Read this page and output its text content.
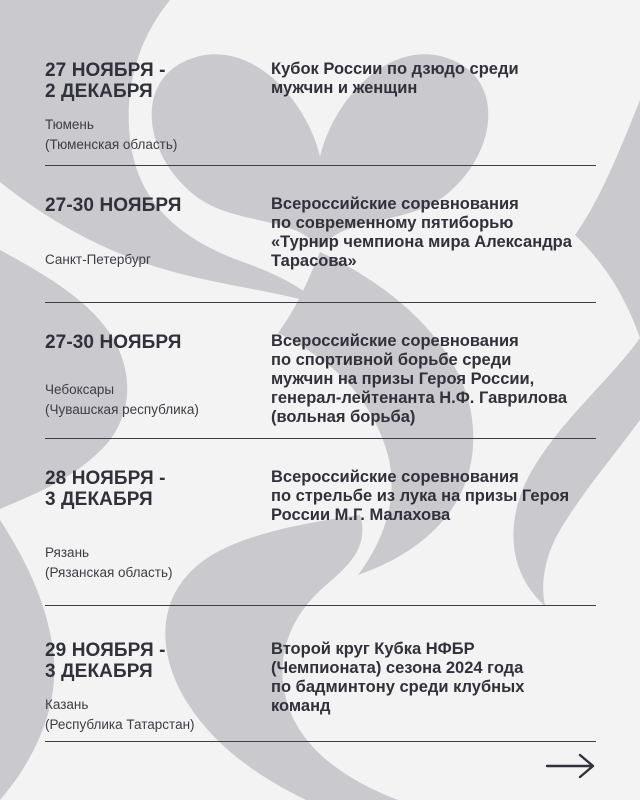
27 НОЯБРЯ -
2 ДЕКАБРЯ
Тюмень
(Тюменская область)
Кубок России по дзюдо среди
мужчин и женщин
27-30 НОЯБРЯ
Санкт-Петербург
Всероссийские соревнования
по современному пятиборью
«Турнир чемпиона мира Александра
Тарасова»
27-30 НОЯБРЯ
Чебоксары
(Чувашская республика)
Всероссийские соревнования
по спортивной борьбе среди
мужчин на призы Героя России,
генерал-лейтенанта Н.Ф. Гаврилова
(вольная борьба)
28 НОЯБРЯ -
3 ДЕКАБРЯ
Рязань
(Рязанская область)
Всероссийские соревнования
по стрельбе из лука на призы Героя
России М.Г. Малахова
29 НОЯБРЯ -
3 ДЕКАБРЯ
Казань
(Республика Татарстан)
Второй круг Кубка НФБР
(Чемпионата) сезона 2024 года
по бадминтону среди клубных
команд
